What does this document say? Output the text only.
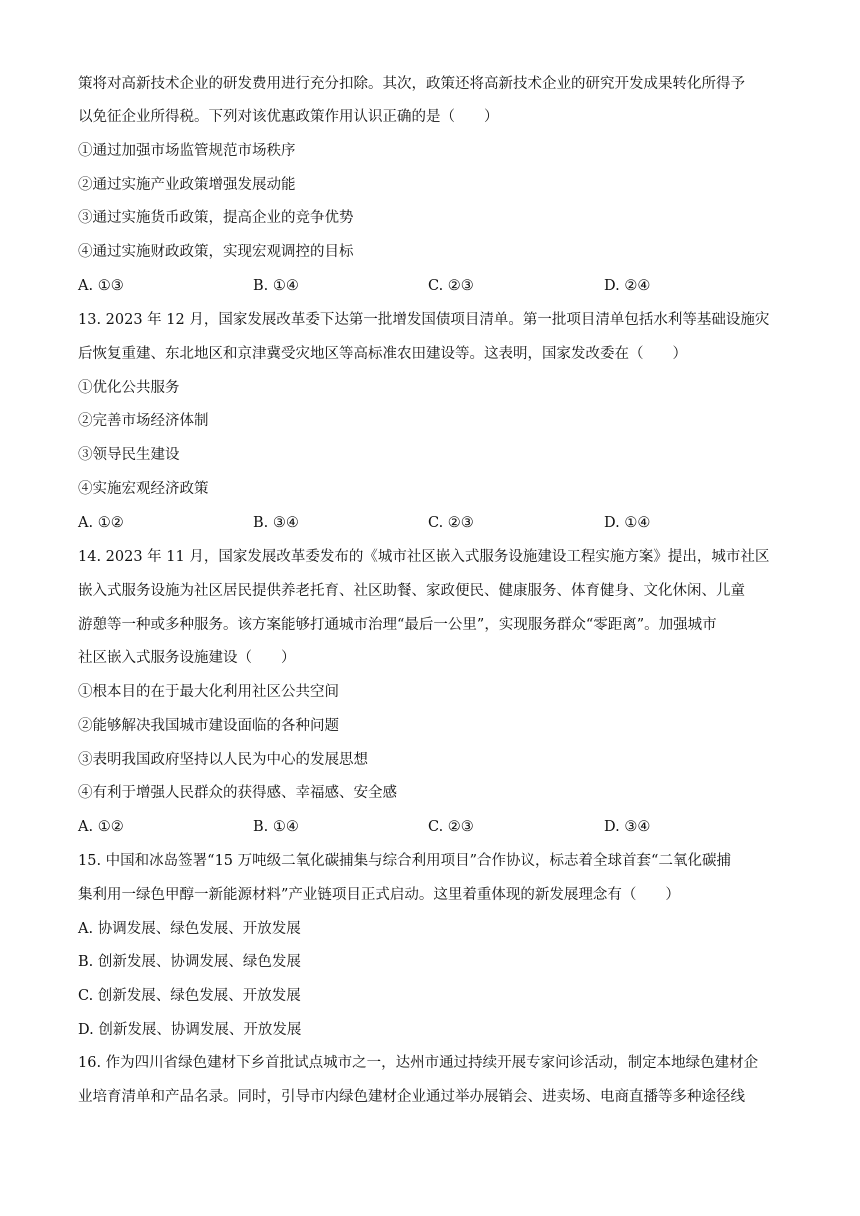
策将对高新技术企业的研发费用进行充分扣除。其次，政策还将高新技术企业的研究开发成果转化所得予
以免征企业所得税。下列对该优惠政策作用认识正确的是（　　）
①通过加强市场监管规范市场秩序
②通过实施产业政策增强发展动能
③通过实施货币政策，提高企业的竞争优势
④通过实施财政政策，实现宏观调控的目标
A. ①③	B. ①④	C. ②③	D. ②④
13. 2023 年 12 月，国家发展改革委下达第一批增发国债项目清单。第一批项目清单包括水利等基础设施灾
后恢复重建、东北地区和京津冀受灾地区等高标准农田建设等。这表明，国家发改委在（　　）
①优化公共服务
②完善市场经济体制
③领导民生建设
④实施宏观经济政策
A. ①②	B. ③④	C. ②③	D. ①④
14. 2023 年 11 月，国家发展改革委发布的《城市社区嵌入式服务设施建设工程实施方案》提出，城市社区
嵌入式服务设施为社区居民提供养老托育、社区助餐、家政便民、健康服务、体育健身、文化休闲、儿童
游憩等一种或多种服务。该方案能够打通城市治理“最后一公里”，实现服务群众“零距离”。加强城市
社区嵌入式服务设施建设（　　）
①根本目的在于最大化利用社区公共空间
②能够解决我国城市建设面临的各种问题
③表明我国政府坚持以人民为中心的发展思想
④有利于增强人民群众的获得感、幸福感、安全感
A. ①②	B. ①④	C. ②③	D. ③④
15. 中国和冰岛签署“15 万吨级二氧化碳捕集与综合利用项目”合作协议，标志着全球首套“二氧化碳捕
集利用一绿色甲醇一新能源材料”产业链项目正式启动。这里着重体现的新发展理念有（　　）
A. 协调发展、绿色发展、开放发展
B. 创新发展、协调发展、绿色发展
C. 创新发展、绿色发展、开放发展
D. 创新发展、协调发展、开放发展
16. 作为四川省绿色建材下乡首批试点城市之一，达州市通过持续开展专家问诊活动，制定本地绿色建材企
业培育清单和产品名录。同时，引导市内绿色建材企业通过举办展销会、进卖场、电商直播等多种途径线
